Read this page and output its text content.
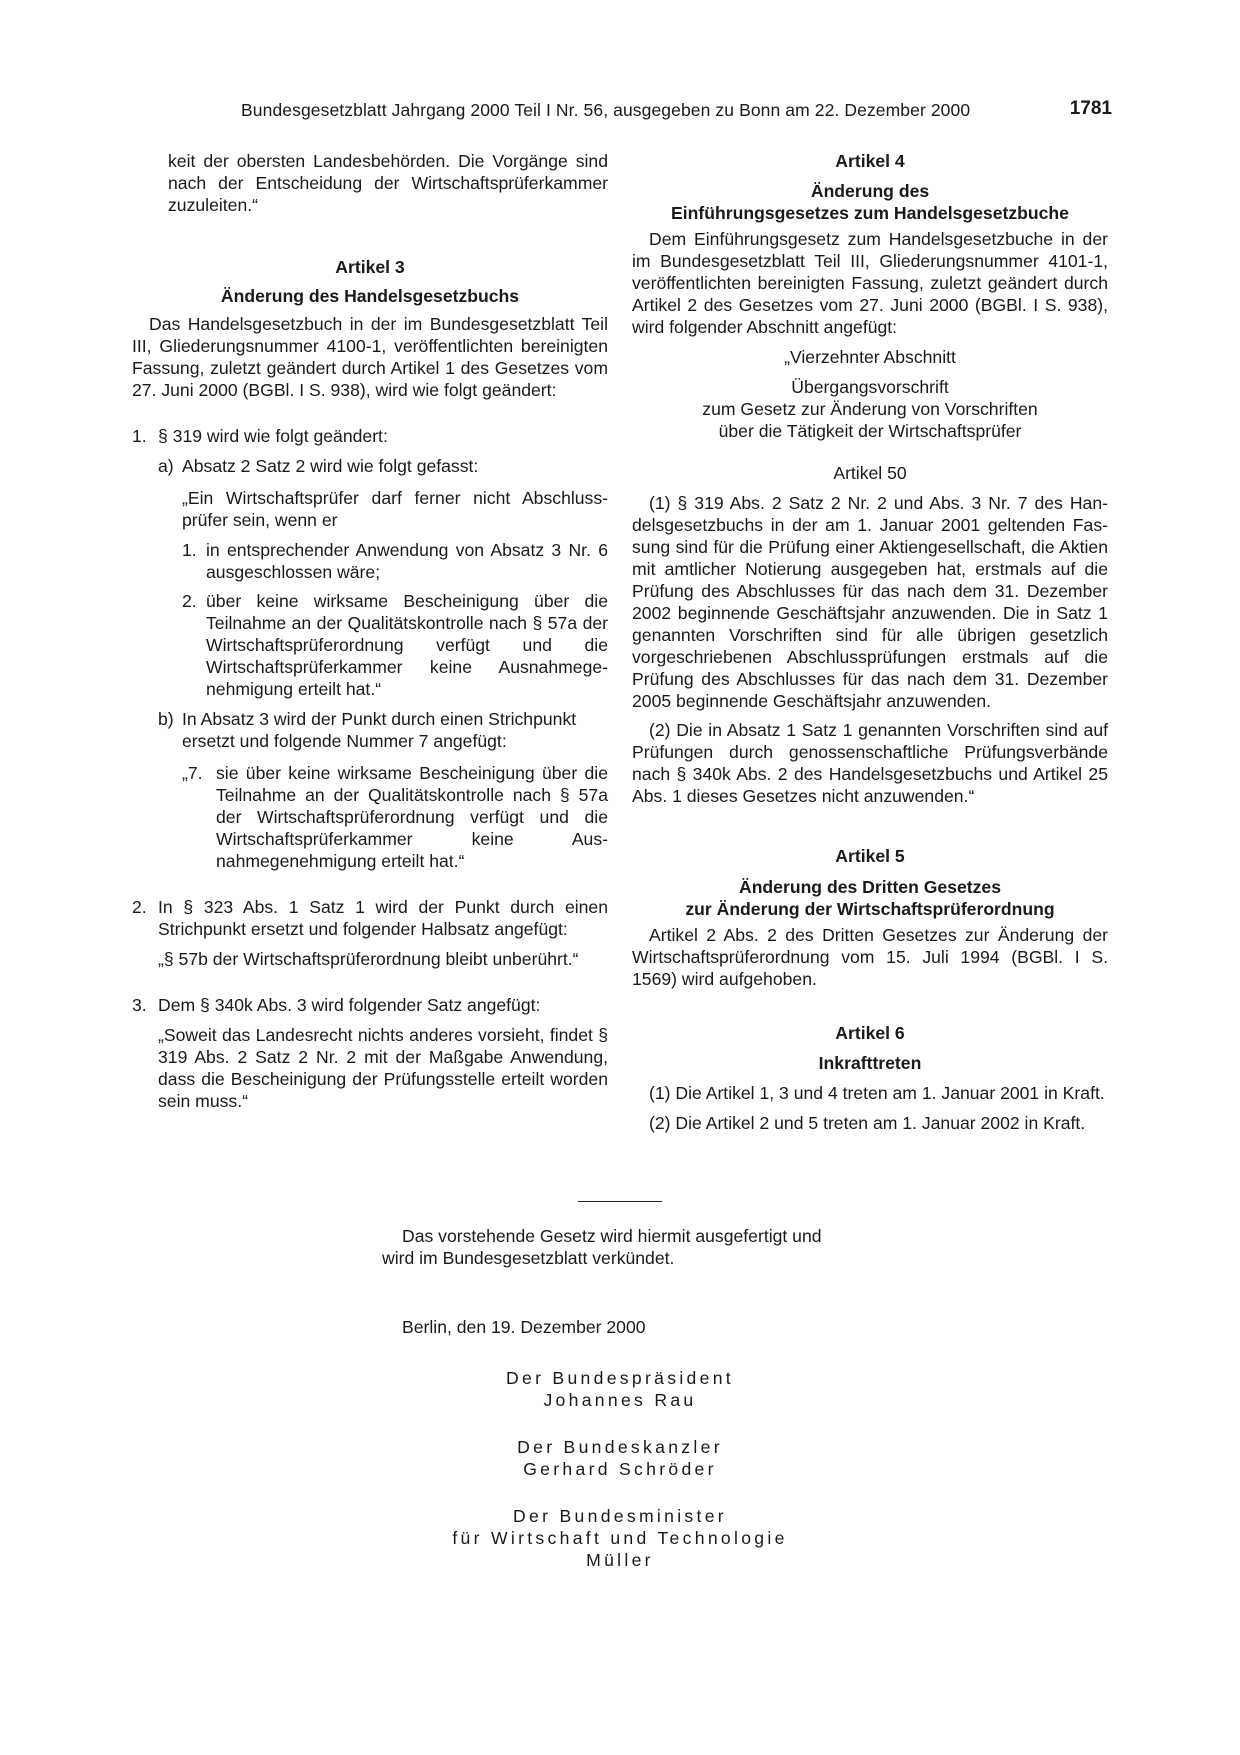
Bundesgesetzblatt Jahrgang 2000 Teil I Nr. 56, ausgegeben zu Bonn am 22. Dezember 2000	1781

keit der obersten Landesbehörden. Die Vorgänge sind nach der Entscheidung der Wirtschaftsprüferkammer zuzuleiten.“

Artikel 3

Änderung des Handelsgesetzbuchs

Das Handelsgesetzbuch in der im Bundesgesetzblatt Teil III, Gliederungsnummer 4100-1, veröffentlichten bereinigten Fassung, zuletzt geändert durch Artikel 1 des Gesetzes vom 27. Juni 2000 (BGBl. I S. 938), wird wie folgt geändert:

1. § 319 wird wie folgt geändert:
a) Absatz 2 Satz 2 wird wie folgt gefasst:

„Ein Wirtschaftsprüfer darf ferner nicht Abschlussprüfer sein, wenn er

1. in entsprechender Anwendung von Absatz 3 Nr. 6 ausgeschlossen wäre;
2. über keine wirksame Bescheinigung über die Teilnahme an der Qualitätskontrolle nach § 57a der Wirtschaftsprüferordnung verfügt und die Wirtschaftsprüferkammer keine Ausnahmegenehmigung erteilt hat.“
b) In Absatz 3 wird der Punkt durch einen Strichpunkt ersetzt und folgende Nummer 7 angefügt:
„7. sie über keine wirksame Bescheinigung über die Teilnahme an der Qualitätskontrolle nach § 57a der Wirtschaftsprüferordnung verfügt und die Wirtschaftsprüferkammer keine Ausnahmegenehmigung erteilt hat.“
2. In § 323 Abs. 1 Satz 1 wird der Punkt durch einen Strichpunkt ersetzt und folgender Halbsatz angefügt:

„§ 57b der Wirtschaftsprüferordnung bleibt unberührt.“

3. Dem § 340k Abs. 3 wird folgender Satz angefügt:

„Soweit das Landesrecht nichts anderes vorsieht, findet § 319 Abs. 2 Satz 2 Nr. 2 mit der Maßgabe Anwendung, dass die Bescheinigung der Prüfungsstelle erteilt worden sein muss.“

Artikel 4

Änderung des

Einführungsgesetzes zum Handelsgesetzbuche

Dem Einführungsgesetz zum Handelsgesetzbuche in der im Bundesgesetzblatt Teil III, Gliederungsnummer 4101-1, veröffentlichten bereinigten Fassung, zuletzt geändert durch Artikel 2 des Gesetzes vom 27. Juni 2000 (BGBl. I S. 938), wird folgender Abschnitt angefügt:

„Vierzehnter Abschnitt

Übergangsvorschrift

zum Gesetz zur Änderung von Vorschriften

über die Tätigkeit der Wirtschaftsprüfer

Artikel 50

(1) § 319 Abs. 2 Satz 2 Nr. 2 und Abs. 3 Nr. 7 des Handelsgesetzbuchs in der am 1. Januar 2001 geltenden Fassung sind für die Prüfung einer Aktiengesellschaft, die Aktien mit amtlicher Notierung ausgegeben hat, erstmals auf die Prüfung des Abschlusses für das nach dem 31. Dezember 2002 beginnende Geschäftsjahr anzuwenden. Die in Satz 1 genannten Vorschriften sind für alle übrigen gesetzlich vorgeschriebenen Abschlussprüfungen erstmals auf die Prüfung des Abschlusses für das nach dem 31. Dezember 2005 beginnende Geschäftsjahr anzuwenden.

(2) Die in Absatz 1 Satz 1 genannten Vorschriften sind auf Prüfungen durch genossenschaftliche Prüfungsverbände nach § 340k Abs. 2 des Handelsgesetzbuchs und Artikel 25 Abs. 1 dieses Gesetzes nicht anzuwenden.“

Artikel 5

Änderung des Dritten Gesetzes

zur Änderung der Wirtschaftsprüferordnung

Artikel 2 Abs. 2 des Dritten Gesetzes zur Änderung der Wirtschaftsprüferordnung vom 15. Juli 1994 (BGBl. I S. 1569) wird aufgehoben.

Artikel 6

Inkrafttreten

(1) Die Artikel 1, 3 und 4 treten am 1. Januar 2001 in Kraft.

(2) Die Artikel 2 und 5 treten am 1. Januar 2002 in Kraft.

Das vorstehende Gesetz wird hiermit ausgefertigt und
wird im Bundesgesetzblatt verkündet.
Berlin, den 19. Dezember 2000
Der Bundespräsident
Johannes Rau
Der Bundeskanzler
Gerhard Schröder
Der Bundesminister
für Wirtschaft und Technologie
Müller
